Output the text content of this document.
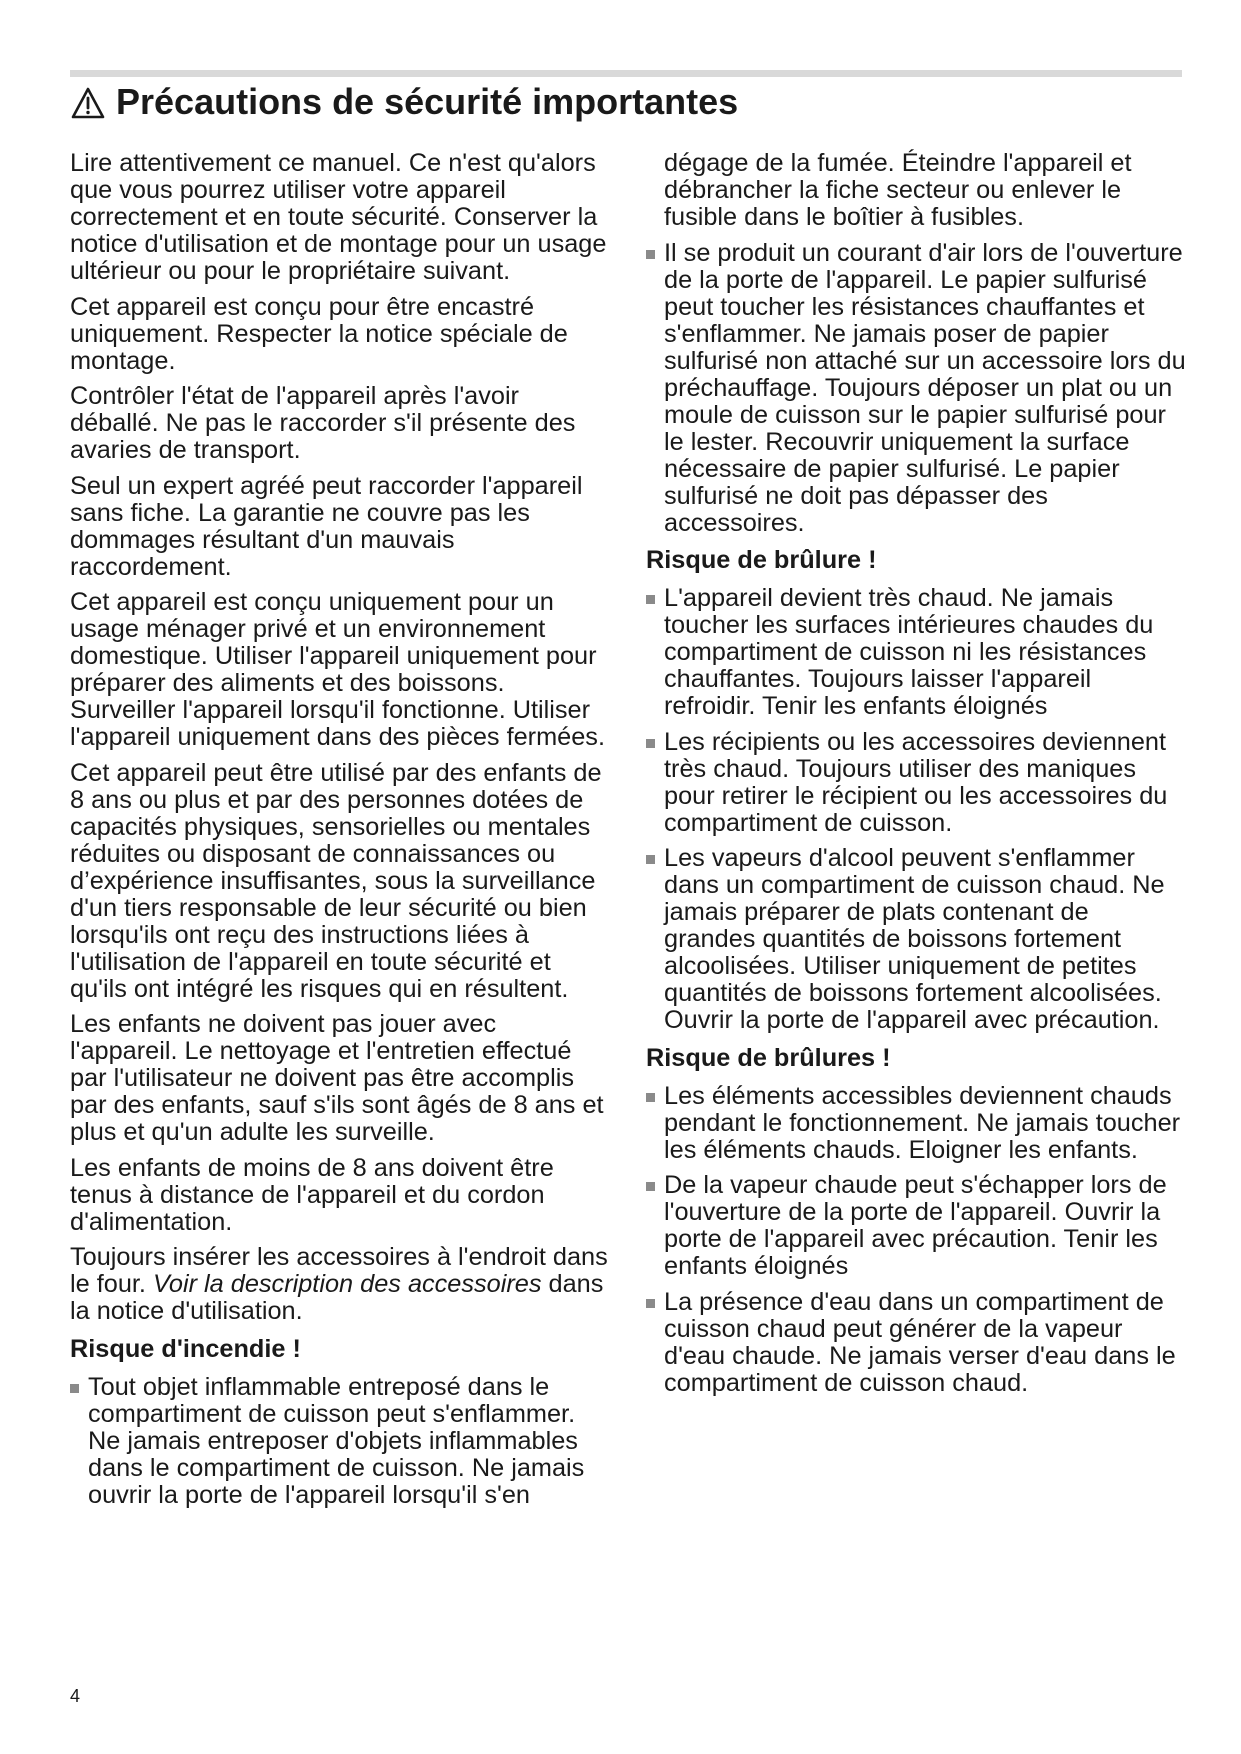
Précautions de sécurité importantes

Lire attentivement ce manuel. Ce n'est qu'alors que vous pourrez utiliser votre appareil correctement et en toute sécurité. Conserver la notice d'utilisation et de montage pour un usage ultérieur ou pour le propriétaire suivant.

Cet appareil est conçu pour être encastré uniquement. Respecter la notice spéciale de montage.

Contrôler l'état de l'appareil après l'avoir déballé. Ne pas le raccorder s'il présente des avaries de transport.

Seul un expert agréé peut raccorder l'appareil sans fiche. La garantie ne couvre pas les dommages résultant d'un mauvais raccordement.

Cet appareil est conçu uniquement pour un usage ménager privé et un environnement domestique. Utiliser l'appareil uniquement pour préparer des aliments et des boissons. Surveiller l'appareil lorsqu'il fonctionne. Utiliser l'appareil uniquement dans des pièces fermées.

Cet appareil peut être utilisé par des enfants de 8 ans ou plus et par des personnes dotées de capacités physiques, sensorielles ou mentales réduites ou disposant de connaissances ou d’expérience insuffisantes, sous la surveillance d'un tiers responsable de leur sécurité ou bien lorsqu'ils ont reçu des instructions liées à l'utilisation de l'appareil en toute sécurité et qu'ils ont intégré les risques qui en résultent.

Les enfants ne doivent pas jouer avec l'appareil. Le nettoyage et l'entretien effectué par l'utilisateur ne doivent pas être accomplis par des enfants, sauf s'ils sont âgés de 8 ans et plus et qu'un adulte les surveille.

Les enfants de moins de 8 ans doivent être tenus à distance de l'appareil et du cordon d'alimentation.

Toujours insérer les accessoires à l'endroit dans le four. Voir la description des accessoires dans la notice d'utilisation.

Risque d'incendie !
Tout objet inflammable entreposé dans le compartiment de cuisson peut s'enflammer. Ne jamais entreposer d'objets inflammables dans le compartiment de cuisson. Ne jamais ouvrir la porte de l'appareil lorsqu'il s'en
dégage de la fumée. Éteindre l'appareil et débrancher la fiche secteur ou enlever le fusible dans le boîtier à fusibles.
Il se produit un courant d'air lors de l'ouverture de la porte de l'appareil. Le papier sulfurisé peut toucher les résistances chauffantes et s'enflammer. Ne jamais poser de papier sulfurisé non attaché sur un accessoire lors du préchauffage. Toujours déposer un plat ou un moule de cuisson sur le papier sulfurisé pour le lester. Recouvrir uniquement la surface nécessaire de papier sulfurisé. Le papier sulfurisé ne doit pas dépasser des accessoires.
Risque de brûlure !
L'appareil devient très chaud. Ne jamais toucher les surfaces intérieures chaudes du compartiment de cuisson ni les résistances chauffantes. Toujours laisser l'appareil refroidir. Tenir les enfants éloignés
Les récipients ou les accessoires deviennent très chaud. Toujours utiliser des maniques pour retirer le récipient ou les accessoires du compartiment de cuisson.
Les vapeurs d'alcool peuvent s'enflammer dans un compartiment de cuisson chaud. Ne jamais préparer de plats contenant de grandes quantités de boissons fortement alcoolisées. Utiliser uniquement de petites quantités de boissons fortement alcoolisées. Ouvrir la porte de l'appareil avec précaution.
Risque de brûlures !
Les éléments accessibles deviennent chauds pendant le fonctionnement. Ne jamais toucher les éléments chauds. Eloigner les enfants.
De la vapeur chaude peut s'échapper lors de l'ouverture de la porte de l'appareil. Ouvrir la porte de l'appareil avec précaution. Tenir les enfants éloignés
La présence d'eau dans un compartiment de cuisson chaud peut générer de la vapeur d'eau chaude. Ne jamais verser d'eau dans le compartiment de cuisson chaud.
4
